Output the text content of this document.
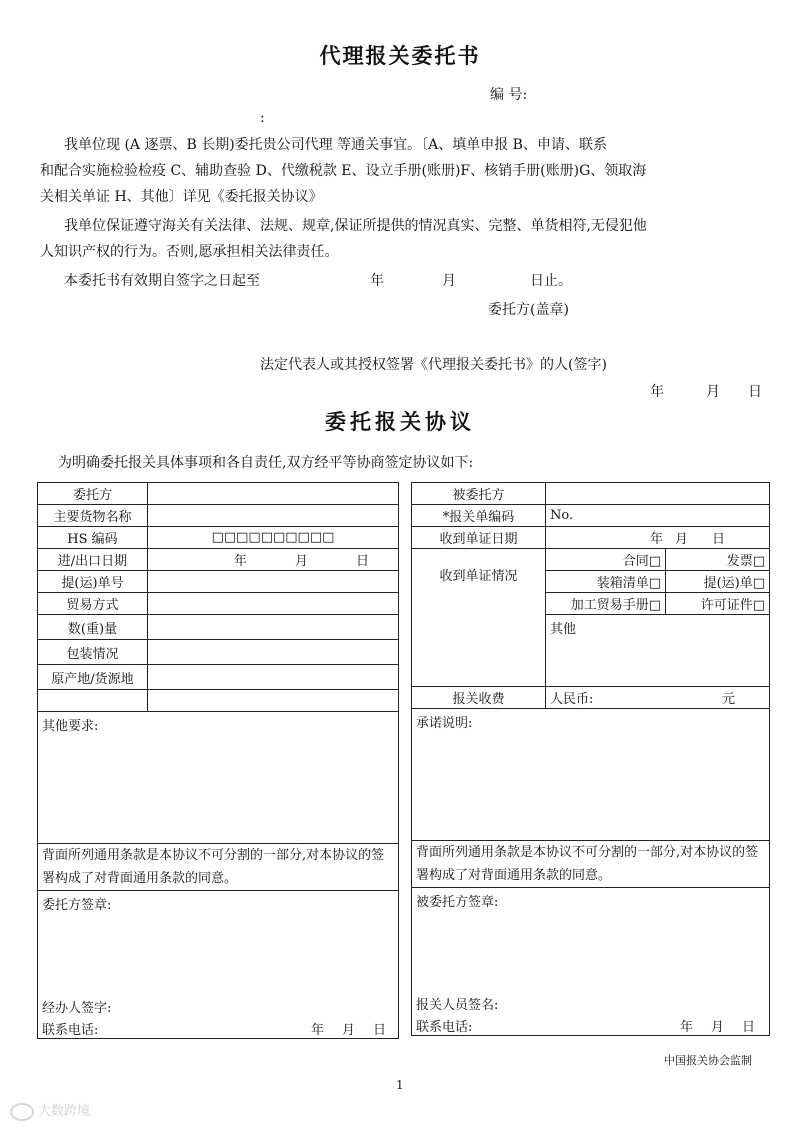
代理报关委托书
编 号:
:
我单位现 (A 逐票、B 长期)委托贵公司代理 等通关事宜。〔A、填单申报 B、申请、联系
和配合实施检验检疫 C、辅助查验 D、代缴税款 E、设立手册(账册)F、核销手册(账册)G、领取海
关相关单证 H、其他〕详见《委托报关协议》
我单位保证遵守海关有关法律、法规、规章,保证所提供的情况真实、完整、单货相符,无侵犯他
人知识产权的行为。否则,愿承担相关法律责任。
本委托书有效期自签字之日起至	年	月	日止。
委托方(盖章)
法定代表人或其授权签署《代理报关委托书》的人(签字)
年	月 日
委托报关协议
为明确委托报关具体事项和各自责任,双方经平等协商签定协议如下:
委托方	
主要货物名称	
HS 编码	□□□□□□□□□□
进/出口日期	年 月 日
提(运)单号	
贸易方式	
数(重)量	
包装情况	
原产地/货源地	

其他要求:	
背面所列通用条款是本协议不可分割的一部分,对本协议的签署构成了对背面通用条款的同意。	

委托方签章:
经办人签字:
联系电话: 年 月 日	
被委托方		
*报关单编码	No.	
收到单证日期	年 月 日	
收到单证情况	合同□	发票□
	装箱清单□	提(运)单□
	加工贸易手册□	许可证件□
	其他	
报关收费	人民币: 元	

承诺说明:		
背面所列通用条款是本协议不可分割的一部分,对本协议的签署构成了对背面通用条款的同意。		

被委托方签章:
报关人员签名:
联系电话: 年 月 日		
中国报关协会监制
1
大数跨境
